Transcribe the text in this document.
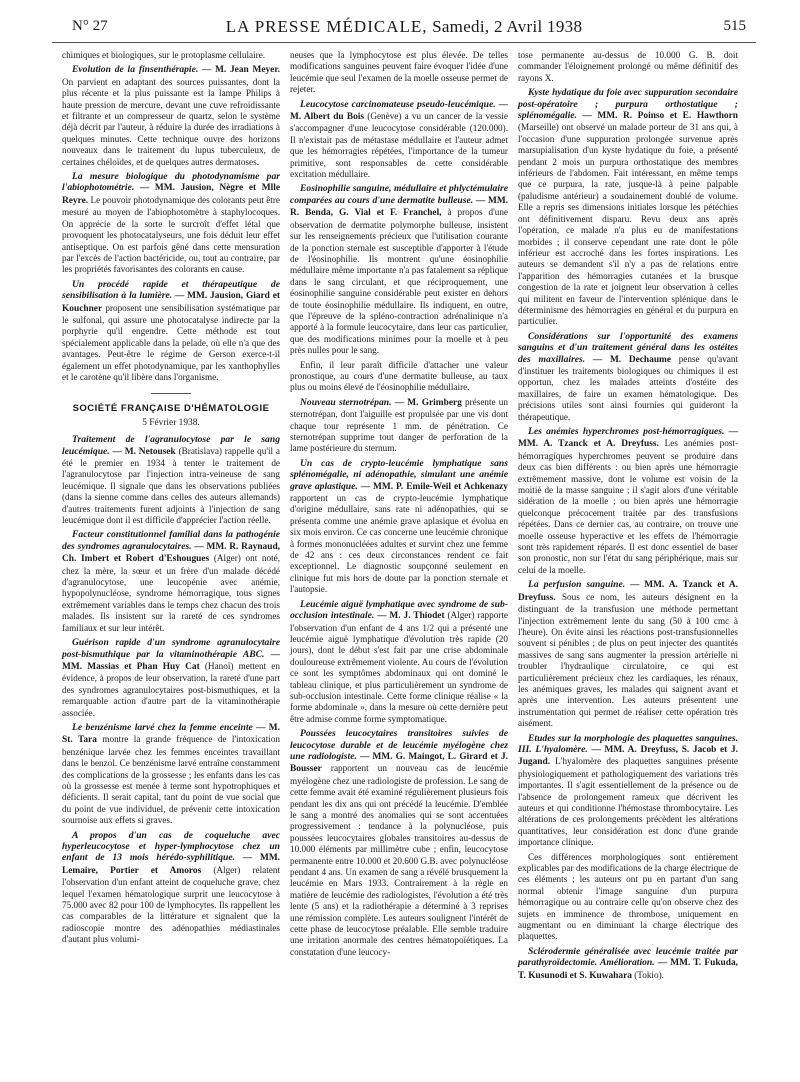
N° 27	LA PRESSE MÉDICALE, Samedi, 2 Avril 1938	515

chimiques et biologiques, sur le protoplasme cellulaire.

Evolution de la finsenthérapie. — M. Jean Meyer. On parvient en adaptant des sources puissantes, dont la plus récente et la plus puissante est la lampe Philips à haute pression de mercure, devant une cuve refroidissante et filtrante et un compresseur de quartz, selon le système déjà décrit par l'auteur, à réduire la durée des irradiations à quelques minutes. Cette technique ouvre des horizons nouveaux dans le traitement du lupus tuberculeux, de certaines chéloïdes, et de quelques autres dermatoses.

La mesure biologique du photodynamisme par l'abiophotométrie. — MM. Jausion, Nègre et Mlle Reyre. Le pouvoir photodynamique des colorants peut être mesuré au moyen de l'abiophotomètre à staphylocoques. On apprécie de la sorte le surcroît d'effet létal que provoquent les photocatalyseurs, une fois déduit leur effet antiseptique. On est parfois gêné dans cette mensuration par l'excès de l'action bactéricide, ou, tout au contraire, par les propriétés favorisantes des colorants en cause.

Un procédé rapide et thérapeutique de sensibilisation à la lumière. — MM. Jausion, Giard et Kouchner proposent une sensibilisation systématique par le sulfonal, qui assure une photocatalyse indirecte par la porphyrie qu'il engendre. Cette méthode est tout spécialement applicable dans la pelade, où elle n'a que des avantages. Peut-être le régime de Gerson exerce-t-il également un effet photodynamique, par les xanthophylles et le carotène qu'il libère dans l'organisme.

SOCIÉTÉ FRANÇAISE D'HÉMATOLOGIE
5 Février 1938.

Traitement de l'agranulocytose par le sang leucémique. — M. Netousek (Bratislava) rappelle qu'il a été le premier en 1934 à tenter le traitement de l'agranulocytose par l'injection intra-veineuse de sang leucémique. Il signale que dans les observations publiées (dans la sienne comme dans celles des auteurs allemands) d'autres traitements furent adjoints à l'injection de sang leucémique dont il est difficile d'apprécier l'action réelle.

Facteur constitutionnel familial dans la pathogénie des syndromes agranulocytaires. — MM. R. Raynaud, Ch. Imbert et Robert d'Eshougues (Alger) ont noté, chez la mère, la sœur et un frère d'un malade décédé d'agranulocytose, une leucopénie avec anémie, hypopolynucléose, syndrome hémorragique, tous signes extrêmement variables dans le temps chez chacun des trois malades. Ils insistent sur la rareté de ces syndromes familiaux et sur leur intérêt.

Guérison rapide d'un syndrome agranulocytaire post-bismuthique par la vitaminothérapie ABC. — MM. Massias et Phan Huy Cat (Hanoï) mettent en évidence, à propos de leur observation, la rareté d'une part des syndromes agranulocytaires post-bismuthiques, et la remarquable action d'autre part de la vitaminothérapie associée.

Le benzénisme larvé chez la femme enceinte — M. St. Tara montre la grande fréquence de l'intoxication benzénique larvée chez les femmes enceintes travaillant dans le benzol. Ce benzénisme larvé entraîne constamment des complications de la grossesse ; les enfants dans les cas où la grossesse est menée à terme sont hypotrophiques et déficients. Il serait capital, tant du point de vue social que du point de vue individuel, de prévenir cette intoxication sournoise aux effets si graves.

A propos d'un cas de coqueluche avec hyperleucocytose et hyper-lymphocytose chez un enfant de 13 mois hérédo-syphilitique. — MM. Lemaire, Portier et Amoros (Alger) relatent l'observation d'un enfant atteint de coqueluche grave, chez lequel l'examen hématologique surprit une leucocytose à 75.000 avec 82 pour 100 de lymphocytes. Ils rappellent les cas comparables de la littérature et signalent que la radioscopie montre des adénopathies médiastinales d'autant plus volumi-

neuses que la lymphocytose est plus élevée. De telles modifications sanguines peuvent faire évoquer l'idée d'une leucémie que seul l'examen de la moelle osseuse permet de rejeter.

Leucocytose carcinomateuse pseudo-leucémique. — M. Albert du Bois (Genève) a vu un cancer de la vessie s'accompagner d'une leucocytose considérable (120.000). Il n'existait pas de métastase médullaire et l'auteur admet que les hémorragies répétées, l'importance de la tumeur primitive, sont responsables de cette considérable excitation médullaire.

Eosinophilie sanguine, médullaire et phlyctémulaire comparées au cours d'une dermatite bulleuse. — MM. R. Benda, G. Vial et F. Franchel, à propos d'une observation de dermatite polymorphe bulleuse, insistent sur les renseignements précieux que l'utilisation courante de la ponction sternale est susceptible d'apporter à l'étude de l'éosinophilie. Ils montrent qu'une éosinophilie médullaire même importante n'a pas fatalement sa réplique dans le sang circulant, et que réciproquement, une éosinophilie sanguine considérable peut exister en dehors de toute éosinophilie médullaire. Ils indiquent, en outre, que l'épreuve de la spléno-contraction adrénalinique n'a apporté à la formule leucocytaire, dans leur cas particulier, que des modifications minimes pour la moelle et à peu près nulles pour le sang.

Enfin, il leur paraît difficile d'attacher une valeur pronostique, au cours d'une dermatite bulleuse, au taux plus ou moins élevé de l'éosinophilie médullaire.

Nouveau sternotrépan. — M. Grimberg présente un sternotrépan, dont l'aiguille est propulsée par une vis dont chaque tour représente 1 mm. de pénétration. Ce sternotrépan supprime tout danger de perforation de la lame postérieure du sternum.

Un cas de crypto-leucémie lymphatique sans splénomégalie, ni adénopathie, simulant une anémie grave aplastique. — MM. P. Emile-Weil et Achkenazy rapportent un cas de crypto-leucémie lymphatique d'origine médullaire, sans rate ni adénopathies, qui se présenta comme une anémie grave aplasique et évolua en six mois environ. Ce cas concerne une leucémie chronique à formes mononucléées adultes et survint chez une femme de 42 ans : ces deux circonstances rendent ce fait exceptionnel. Le diagnostic soupçonné seulement en clinique fut mis hors de doute par la ponction sternale et l'autopsie.

Leucémie aiguë lymphatique avec syndrome de sub-occlusion intestinale. — M. J. Thiodet (Alger) rapporte l'observation d'un enfant de 4 ans 1/2 qui a présenté une leucémie aiguë lymphatique d'évolution très rapide (20 jours), dont le début s'est fait par une crise abdominale douloureuse extrêmement violente. Au cours de l'évolution ce sont les symptômes abdominaux qui ont dominé le tableau clinique, et plus particulièrement un syndrome de sub-occlusion intestinale. Cette forme clinique réalise « la forme abdominale », dans la mesure où cette dernière peut être admise comme forme symptomatique.

Poussées leucocytaires transitoires suivies de leucocytose durable et de leucémie myélogène chez une radiologiste. — MM. G. Maingot, L. Girard et J. Bousser rapportent un nouveau cas de leucémie myélogène chez une radiologiste de profession. Le sang de cette femme avait été examiné régulièrement plusieurs fois pendant les dix ans qui ont précédé la leucémie. D'emblée le sang a montré des anomalies qui se sont accentuées progressivement : tendance à la polynucléose, puis poussées leucocytaires globales transitoires au-dessus de 10.000 éléments par millimètre cube ; enfin, leucocytose permanente entre 10.000 et 20.600 G.B. avec polynucléose pendant 4 ans. Un examen de sang a révélé brusquement la leucémie en Mars 1933. Contrairement à la règle en matière de leucémie des radiologistes, l'évolution a été très lente (5 ans) et la radiothérapie a déterminé à 3 reprises une rémission complète. Les auteurs soulignent l'intérêt de cette phase de leucocytose préalable. Elle semble traduire une irritation anormale des centres hématopoïétiques. La constatation d'une leucocy-

tose permanente au-dessus de 10.000 G. B. doit commander l'éloignement prolongé ou même définitif des rayons X.

Kyste hydatique du foie avec suppuration secondaire post-opératoire ; purpura orthostatique ; splénomégalie. — MM. R. Poinso et E. Hawthorn (Marseille) ont observé un malade porteur de 31 ans qui, à l'occasion d'une suppuration prolongée survenue après marsupialisation d'un kyste hydatique du foie, a présenté pendant 2 mois un purpura orthostatique des membres inférieurs de l'abdomen. Fait intéressant, en même temps que ce purpura, la rate, jusque-là à peine palpable (paludisme antérieur) a soudainement doublé de volume. Elle a repris ses dimensions initiales lorsque les pétéchies ont définitivement disparu. Revu deux ans après l'opération, ce malade n'a plus eu de manifestations morbides ; il conserve cependant une rate dont le pôle inférieur est accroché dans les fortes inspirations. Les auteurs se demandent s'il n'y a pas de relations entre l'apparition des hémorragies cutanées et la brusque congestion de la rate et joignent leur observation à celles qui militent en faveur de l'intervention splénique dans le déterminisme des hémorragies en général et du purpura en particulier.

Considérations sur l'opportunité des examens sanguins et d'un traitement général dans les ostéites des maxillaires. — M. Dechaume pense qu'avant d'instituer les traitements biologiques ou chimiques il est opportun, chez les malades atteints d'ostéite des maxillaires, de faire un examen hématologique. Des précisions utiles sont ainsi fournies qui guideront la thérapeutique.

Les anémies hyperchromes post-hémorragiques. — MM. A. Tzanck et A. Dreyfuss. Les anémies post-hémorragiques hyperchromes peuvent se produire dans deux cas bien différents : ou bien après une hémorragie extrêmement massive, dont le volume est voisin de la moitié de la masse sanguine ; il s'agit alors d'une véritable sidération de la moelle ; ou bien après une hémorragie quelconque précocement traitée par des transfusions répétées. Dans ce dernier cas, au contraire, on trouve une moelle osseuse hyperactive et les effets de l'hémorragie sont très rapidement réparés. Il est donc essentiel de baser son pronostic, non sur l'état du sang périphérique, mais sur celui de la moelle.

La perfusion sanguine. — MM. A. Tzanck et A. Dreyfuss. Sous ce nom, les auteurs désignent en la distinguant de la transfusion une méthode permettant l'injection extrêmement lente du sang (50 à 100 cmc à l'heure). On évite ainsi les réactions post-transfusionnelles souvent si pénibles ; de plus on peut injecter des quantités massives de sang sans augmenter la pression artérielle ni troubler l'hydraulique circulatoire, ce qui est particulièrement précieux chez les cardiaques, les rénaux, les anémiques graves, les malades qui saignent avant et après une intervention. Les auteurs présentent une instrumentation qui permet de réaliser cette opération très aisément.

Etudes sur la morphologie des plaquettes sanguines. III. L'hyalomère. — MM. A. Dreyfuss, S. Jacob et J. Jugand. L'hyalomère des plaquettes sanguines présente physiologiquement et pathologiquement des variations très importantes. Il s'agit essentiellement de la présence ou de l'absence de prolongement rameux que décrivent les auteurs et qui conditionne l'hémostase thrombocytaire. Les altérations de ces prolongements précèdent les altérations quantitatives, leur considération est donc d'une grande importance clinique.

Ces différences morphologiques sont entièrement explicables par des modifications de la charge électrique de ces éléments ; les auteurs ont pu en partant d'un sang normal obtenir l'image sanguine d'un purpura hémorragique ou au contraire celle qu'on observe chez des sujets en imminence de thrombose, uniquement en augmentant ou en diminuant la charge électrique des plaquettes.

Sclérodermie généralisée avec leucémie traitée par parathyroïdectomie. Amélioration. — MM. T. Fukuda, T. Kusunodi et S. Kuwahara (Tokio).
